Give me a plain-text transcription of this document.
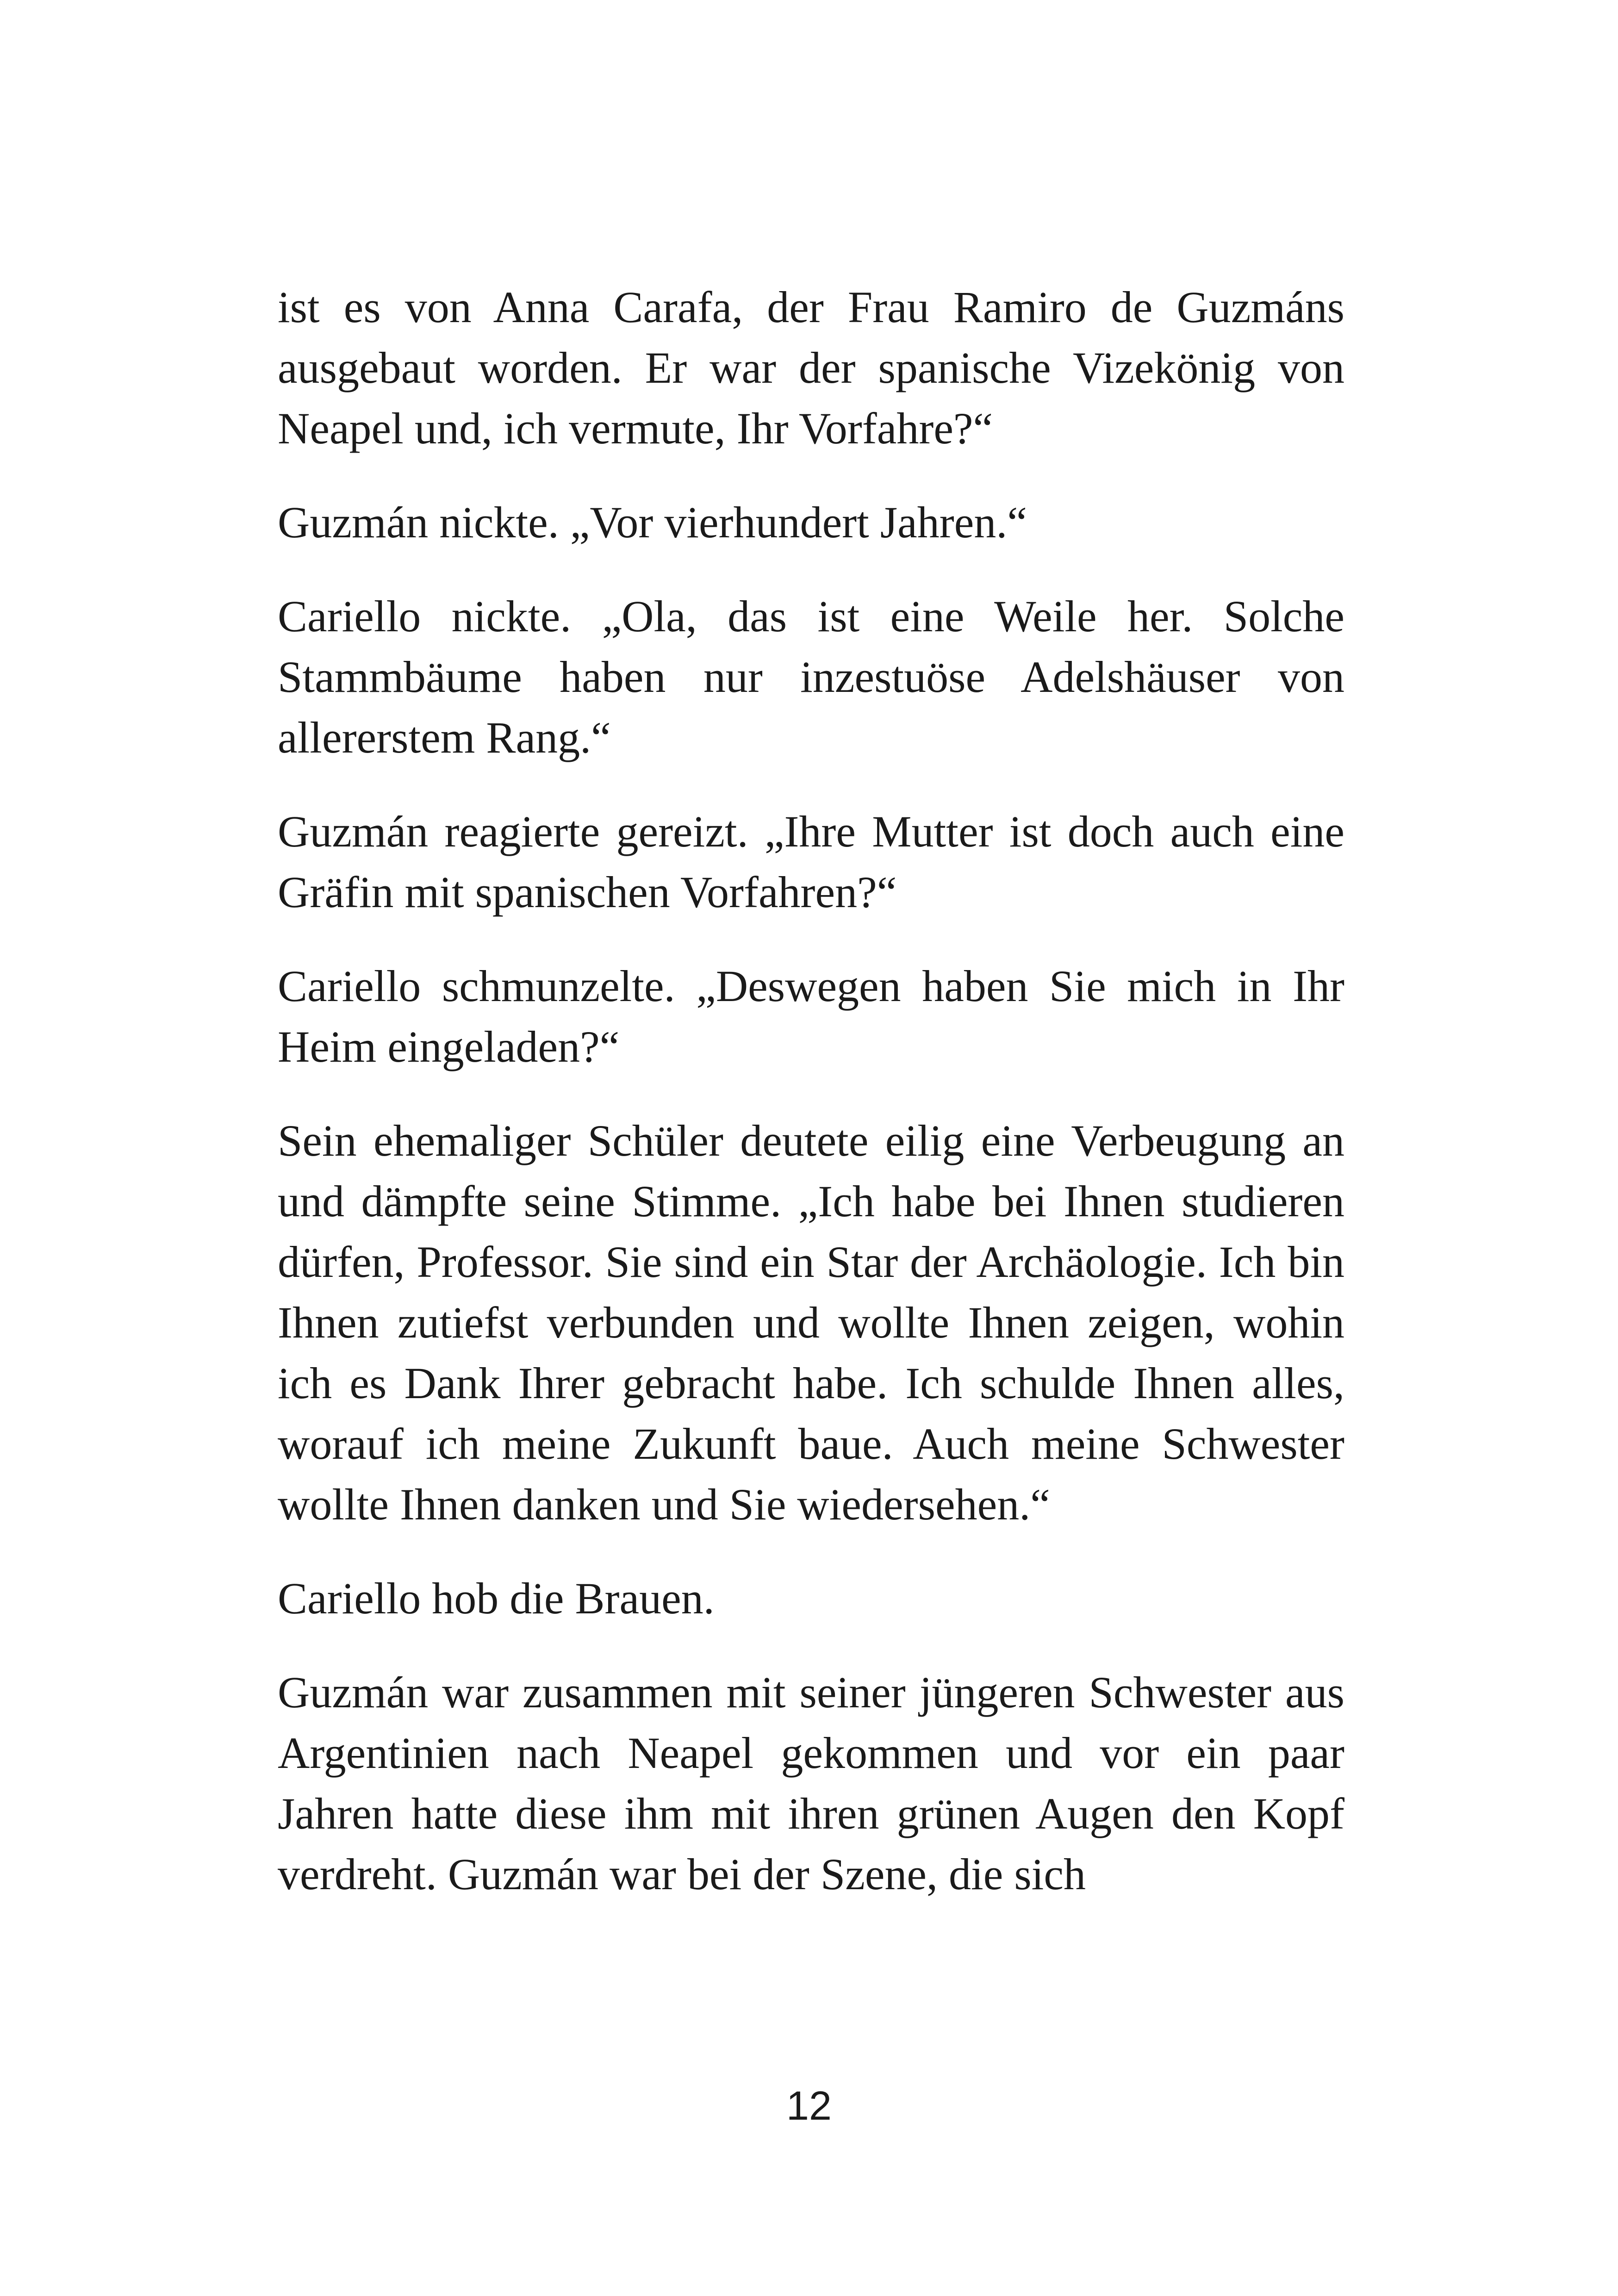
ist es von Anna Carafa, der Frau Ramiro de Guzmáns ausgebaut worden. Er war der spanische Vizekönig von Neapel und, ich vermute, Ihr Vorfahre?“

Guzmán nickte. „Vor vierhundert Jahren.“

Cariello nickte. „Ola, das ist eine Weile her. Solche Stammbäume haben nur inzestuöse Adelshäuser von allererstem Rang.“

Guzmán reagierte gereizt. „Ihre Mutter ist doch auch eine Gräfin mit spanischen Vorfahren?“

Cariello schmunzelte. „Deswegen haben Sie mich in Ihr Heim eingeladen?“

Sein ehemaliger Schüler deutete eilig eine Verbeugung an und dämpfte seine Stimme. „Ich habe bei Ihnen studieren dürfen, Professor. Sie sind ein Star der Archäologie. Ich bin Ihnen zutiefst verbunden und wollte Ihnen zeigen, wohin ich es Dank Ihrer gebracht habe. Ich schulde Ihnen alles, worauf ich meine Zukunft baue. Auch meine Schwester wollte Ihnen danken und Sie wiedersehen.“

Cariello hob die Brauen.

Guzmán war zusammen mit seiner jüngeren Schwester aus Argentinien nach Neapel gekommen und vor ein paar Jahren hatte diese ihm mit ihren grünen Augen den Kopf verdreht. Guzmán war bei der Szene, die sich

12
